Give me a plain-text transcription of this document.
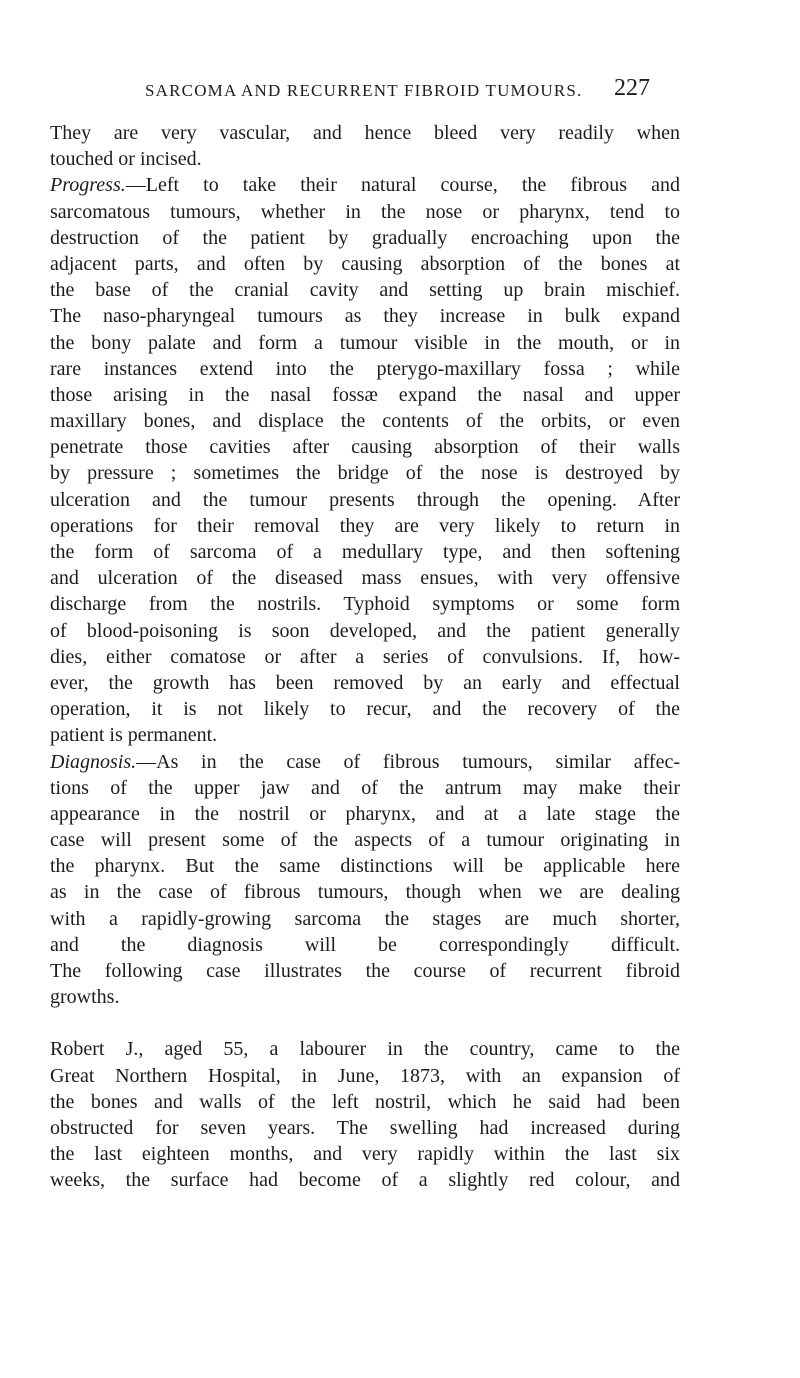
SARCOMA AND RECURRENT FIBROID TUMOURS. 227
They are very vascular, and hence bleed very readily when
touched or incised.
Progress.—Left to take their natural course, the fibrous and
sarcomatous tumours, whether in the nose or pharynx, tend to
destruction of the patient by gradually encroaching upon the
adjacent parts, and often by causing absorption of the bones at
the base of the cranial cavity and setting up brain mischief.
The naso-pharyngeal tumours as they increase in bulk expand
the bony palate and form a tumour visible in the mouth, or in
rare instances extend into the pterygo-maxillary fossa ; while
those arising in the nasal fossæ expand the nasal and upper
maxillary bones, and displace the contents of the orbits, or even
penetrate those cavities after causing absorption of their walls
by pressure ; sometimes the bridge of the nose is destroyed by
ulceration and the tumour presents through the opening. After
operations for their removal they are very likely to return in
the form of sarcoma of a medullary type, and then softening
and ulceration of the diseased mass ensues, with very offensive
discharge from the nostrils. Typhoid symptoms or some form
of blood-poisoning is soon developed, and the patient generally
dies, either comatose or after a series of convulsions. If, how-
ever, the growth has been removed by an early and effectual
operation, it is not likely to recur, and the recovery of the
patient is permanent.
Diagnosis.—As in the case of fibrous tumours, similar affec-
tions of the upper jaw and of the antrum may make their
appearance in the nostril or pharynx, and at a late stage the
case will present some of the aspects of a tumour originating in
the pharynx. But the same distinctions will be applicable here
as in the case of fibrous tumours, though when we are dealing
with a rapidly-growing sarcoma the stages are much shorter,
and the diagnosis will be correspondingly difficult.
The following case illustrates the course of recurrent fibroid
growths.
Robert J., aged 55, a labourer in the country, came to the
Great Northern Hospital, in June, 1873, with an expansion of
the bones and walls of the left nostril, which he said had been
obstructed for seven years. The swelling had increased during
the last eighteen months, and very rapidly within the last six
weeks, the surface had become of a slightly red colour, and
